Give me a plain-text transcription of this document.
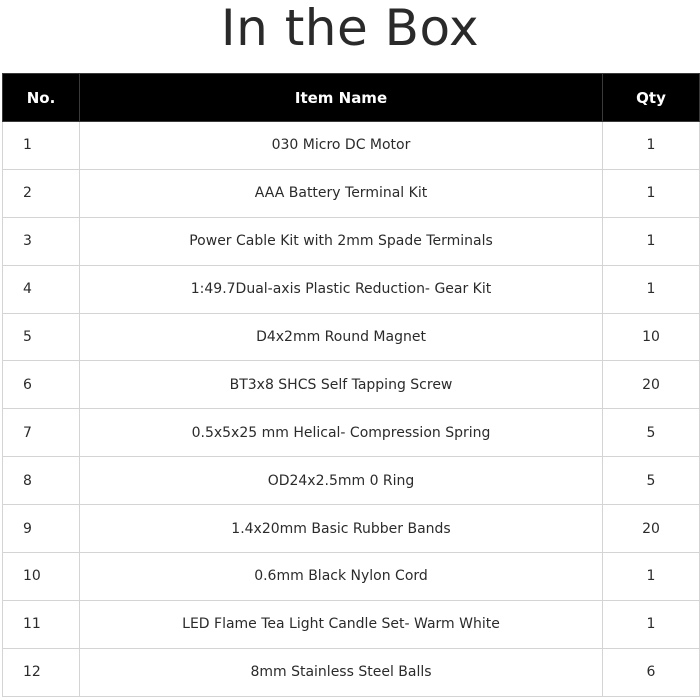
In the Box
No.	Item Name	Qty
1	030 Micro DC Motor	1
2	AAA Battery Terminal Kit	1
3	Power Cable Kit with 2mm Spade Terminals	1
4	1:49.7Dual-axis Plastic Reduction- Gear Kit	1
5	D4x2mm Round Magnet	10
6	BT3x8 SHCS Self Tapping Screw	20
7	0.5x5x25 mm Helical- Compression Spring	5
8	OD24x2.5mm 0 Ring	5
9	1.4x20mm Basic Rubber Bands	20
10	0.6mm Black Nylon Cord	1
11	LED Flame Tea Light Candle Set- Warm White	1
12	8mm Stainless Steel Balls	6
